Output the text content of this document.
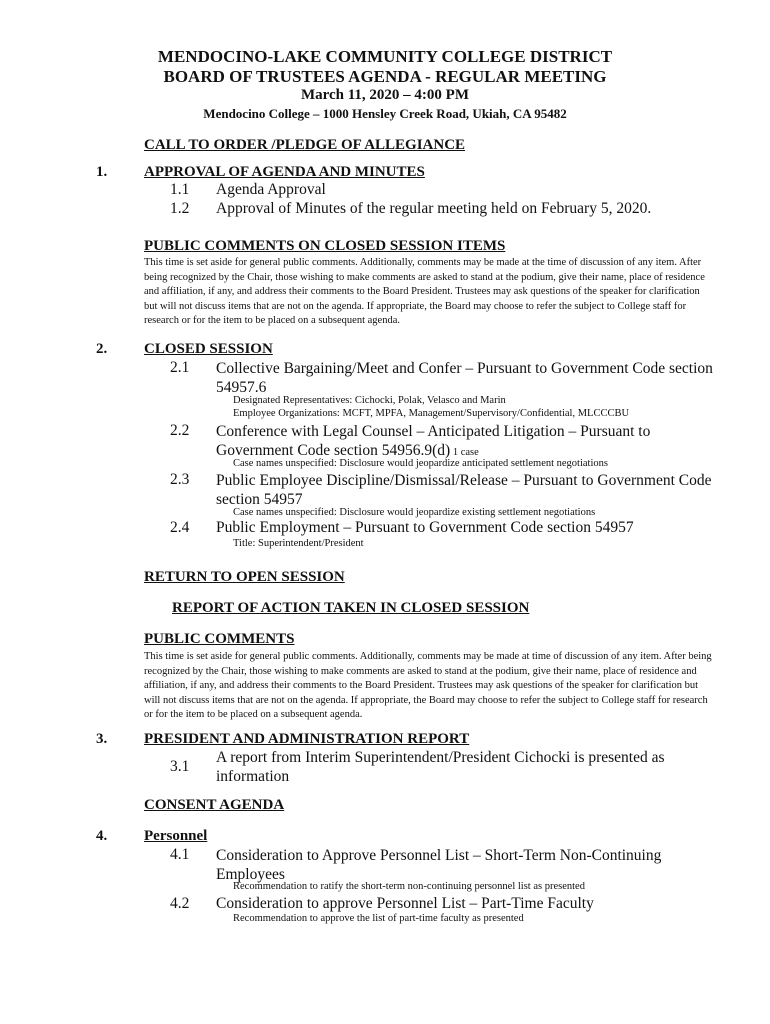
MENDOCINO-LAKE COMMUNITY COLLEGE DISTRICT
BOARD OF TRUSTEES AGENDA - REGULAR MEETING
March 11, 2020 – 4:00 PM
Mendocino College – 1000 Hensley Creek Road, Ukiah, CA 95482
CALL TO ORDER /PLEDGE OF ALLEGIANCE
1. APPROVAL OF AGENDA AND MINUTES
1.1 Agenda Approval
1.2 Approval of Minutes of the regular meeting held on February 5, 2020.
PUBLIC COMMENTS ON CLOSED SESSION ITEMS
This time is set aside for general public comments. Additionally, comments may be made at the time of discussion of any item. After being recognized by the Chair, those wishing to make comments are asked to stand at the podium, give their name, place of residence and affiliation, if any, and address their comments to the Board President. Trustees may ask questions of the speaker for clarification but will not discuss items that are not on the agenda. If appropriate, the Board may choose to refer the subject to College staff for research or for the item to be placed on a subsequent agenda.
2. CLOSED SESSION
2.1 Collective Bargaining/Meet and Confer – Pursuant to Government Code section 54957.6
Designated Representatives: Cichocki, Polak, Velasco and Marin
Employee Organizations: MCFT, MPFA, Management/Supervisory/Confidential, MLCCCBU
2.2 Conference with Legal Counsel – Anticipated Litigation – Pursuant to Government Code section 54956.9(d) 1 case
Case names unspecified: Disclosure would jeopardize anticipated settlement negotiations
2.3 Public Employee Discipline/Dismissal/Release – Pursuant to Government Code section 54957
Case names unspecified: Disclosure would jeopardize existing settlement negotiations
2.4 Public Employment – Pursuant to Government Code section 54957
Title: Superintendent/President
RETURN TO OPEN SESSION
REPORT OF ACTION TAKEN IN CLOSED SESSION
PUBLIC COMMENTS
This time is set aside for general public comments. Additionally, comments may be made at time of discussion of any item. After being recognized by the Chair, those wishing to make comments are asked to stand at the podium, give their name, place of residence and affiliation, if any, and address their comments to the Board President. Trustees may ask questions of the speaker for clarification but will not discuss items that are not on the agenda. If appropriate, the Board may choose to refer the subject to College staff for research or for the item to be placed on a subsequent agenda.
3. PRESIDENT AND ADMINISTRATION REPORT
3.1
A report from Interim Superintendent/President Cichocki is presented as information
CONSENT AGENDA
4. Personnel
4.1 Consideration to Approve Personnel List – Short-Term Non-Continuing Employees
Recommendation to ratify the short-term non-continuing personnel list as presented
4.2 Consideration to approve Personnel List – Part-Time Faculty
Recommendation to approve the list of part-time faculty as presented
